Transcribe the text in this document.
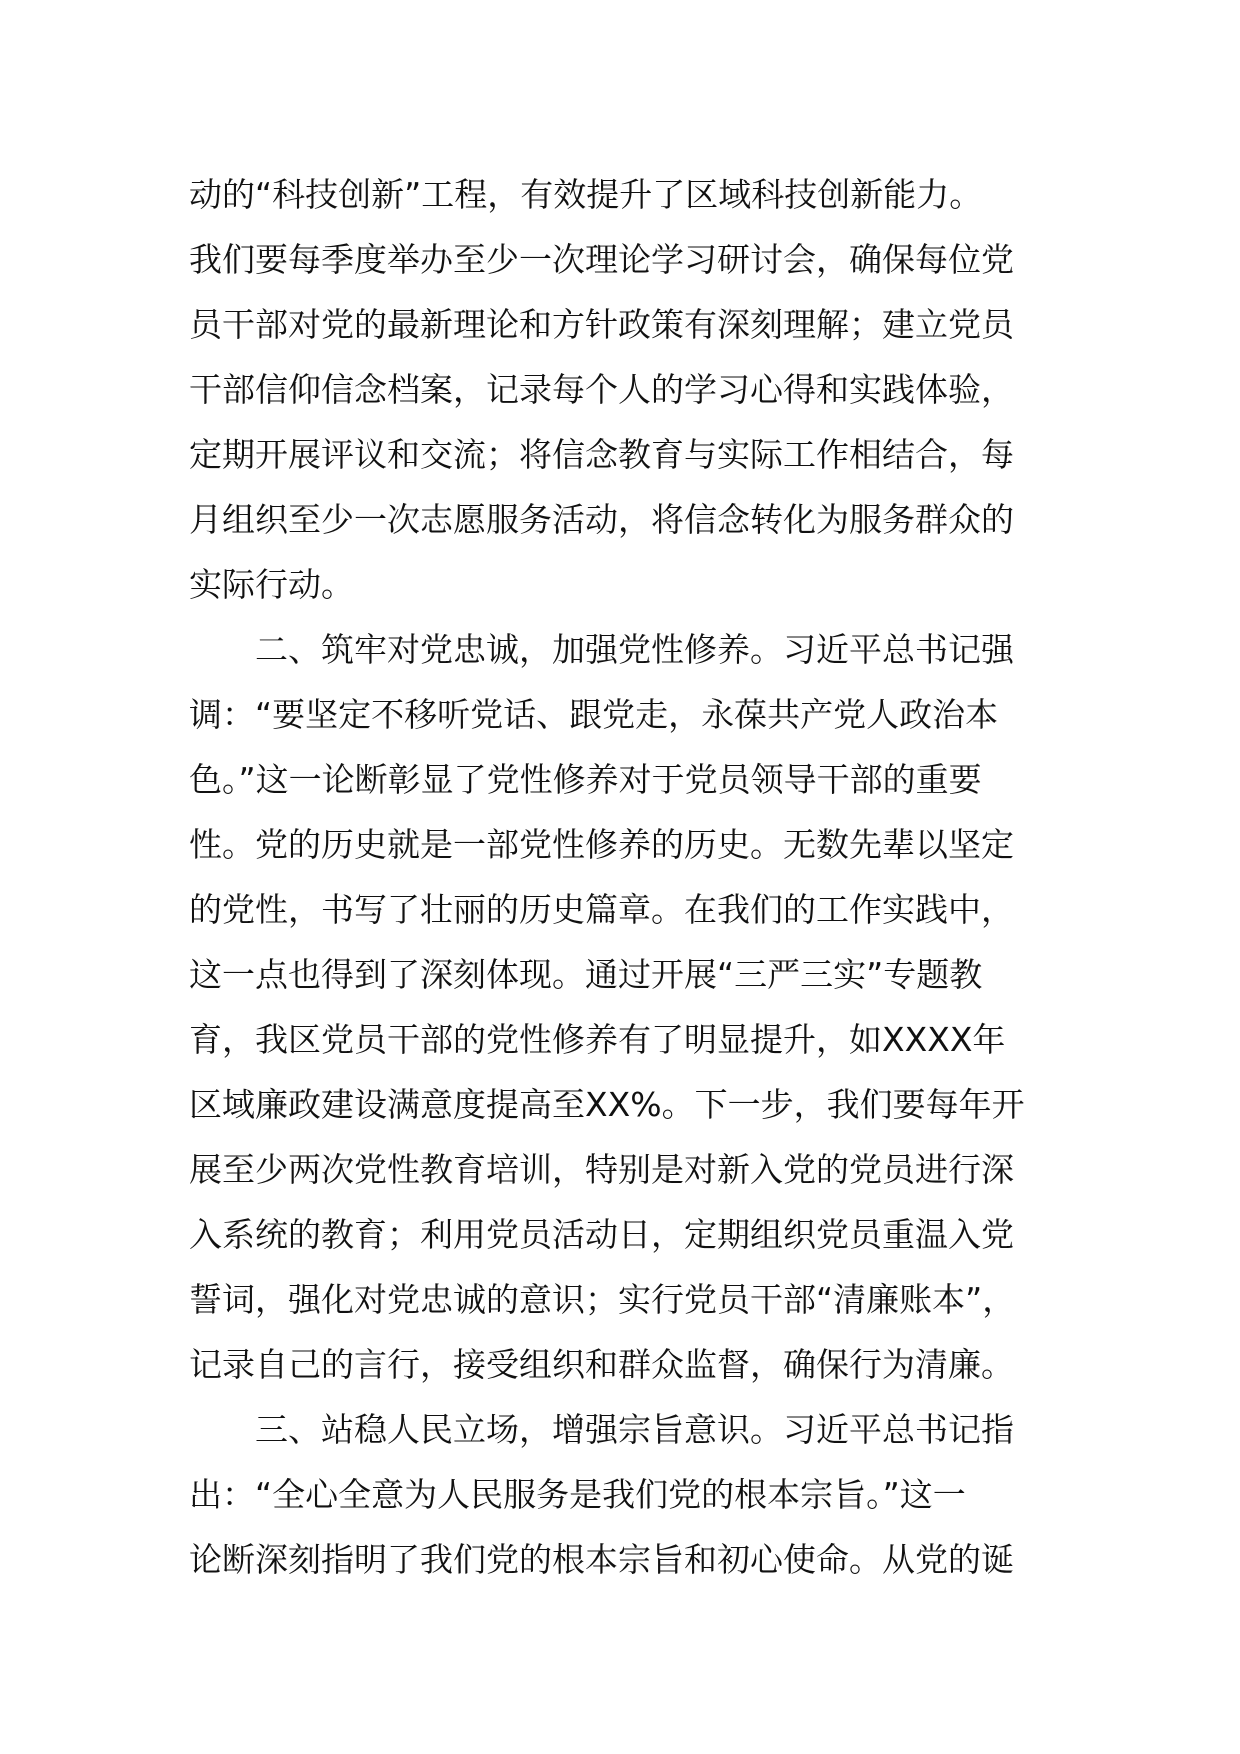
动的“科技创新”工程，有效提升了区域科技创新能力。
我们要每季度举办至少一次理论学习研讨会，确保每位党
员干部对党的最新理论和方针政策有深刻理解；建立党员
干部信仰信念档案，记录每个人的学习心得和实践体验，
定期开展评议和交流；将信念教育与实际工作相结合，每
月组织至少一次志愿服务活动，将信念转化为服务群众的
实际行动。
　　二、筑牢对党忠诚，加强党性修养。习近平总书记强
调：“要坚定不移听党话、跟党走，永葆共产党人政治本
色。”这一论断彰显了党性修养对于党员领导干部的重要
性。党的历史就是一部党性修养的历史。无数先辈以坚定
的党性，书写了壮丽的历史篇章。在我们的工作实践中，
这一点也得到了深刻体现。通过开展“三严三实”专题教
育，我区党员干部的党性修养有了明显提升，如XXXX年
区域廉政建设满意度提高至XX%。下一步，我们要每年开
展至少两次党性教育培训，特别是对新入党的党员进行深
入系统的教育；利用党员活动日，定期组织党员重温入党
誓词，强化对党忠诚的意识；实行党员干部“清廉账本”，
记录自己的言行，接受组织和群众监督，确保行为清廉。
　　三、站稳人民立场，增强宗旨意识。习近平总书记指
出：“全心全意为人民服务是我们党的根本宗旨。”这一
论断深刻指明了我们党的根本宗旨和初心使命。从党的诞
